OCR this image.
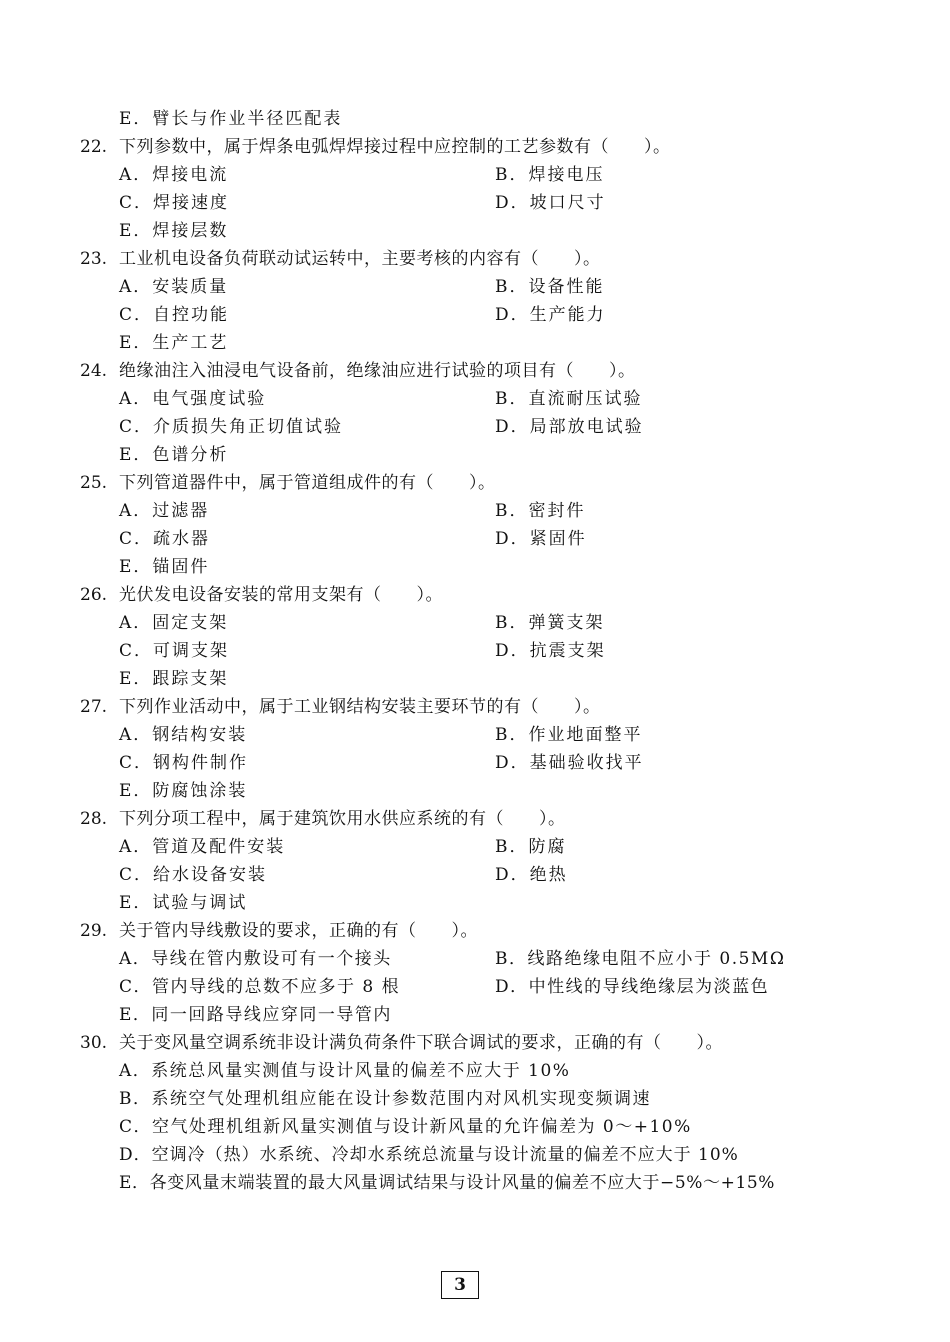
E．臂长与作业半径匹配表
22. 下列参数中，属于焊条电弧焊焊接过程中应控制的工艺参数有（　　）。
A．焊接电流	B．焊接电压
C．焊接速度	D．坡口尺寸
E．焊接层数
23. 工业机电设备负荷联动试运转中，主要考核的内容有（　　）。
A．安装质量	B．设备性能
C．自控功能	D．生产能力
E．生产工艺
24. 绝缘油注入油浸电气设备前，绝缘油应进行试验的项目有（　　）。
A．电气强度试验	B．直流耐压试验
C．介质损失角正切值试验	D．局部放电试验
E．色谱分析
25. 下列管道器件中，属于管道组成件的有（　　）。
A．过滤器	B．密封件
C．疏水器	D．紧固件
E．锚固件
26. 光伏发电设备安装的常用支架有（　　）。
A．固定支架	B．弹簧支架
C．可调支架	D．抗震支架
E．跟踪支架
27. 下列作业活动中，属于工业钢结构安装主要环节的有（　　）。
A．钢结构安装	B．作业地面整平
C．钢构件制作	D．基础验收找平
E．防腐蚀涂装
28. 下列分项工程中，属于建筑饮用水供应系统的有（　　）。
A．管道及配件安装	B．防腐
C．给水设备安装	D．绝热
E．试验与调试
29. 关于管内导线敷设的要求，正确的有（　　）。
A．导线在管内敷设可有一个接头	B．线路绝缘电阻不应小于 0.5MΩ
C．管内导线的总数不应多于 8 根	D．中性线的导线绝缘层为淡蓝色
E．同一回路导线应穿同一导管内
30. 关于变风量空调系统非设计满负荷条件下联合调试的要求，正确的有（　　）。
A．系统总风量实测值与设计风量的偏差不应大于 10%
B．系统空气处理机组应能在设计参数范围内对风机实现变频调速
C．空气处理机组新风量实测值与设计新风量的允许偏差为 0～+10%
D．空调冷（热）水系统、冷却水系统总流量与设计流量的偏差不应大于 10%
E．各变风量末端装置的最大风量调试结果与设计风量的偏差不应大于−5%～+15%
3
